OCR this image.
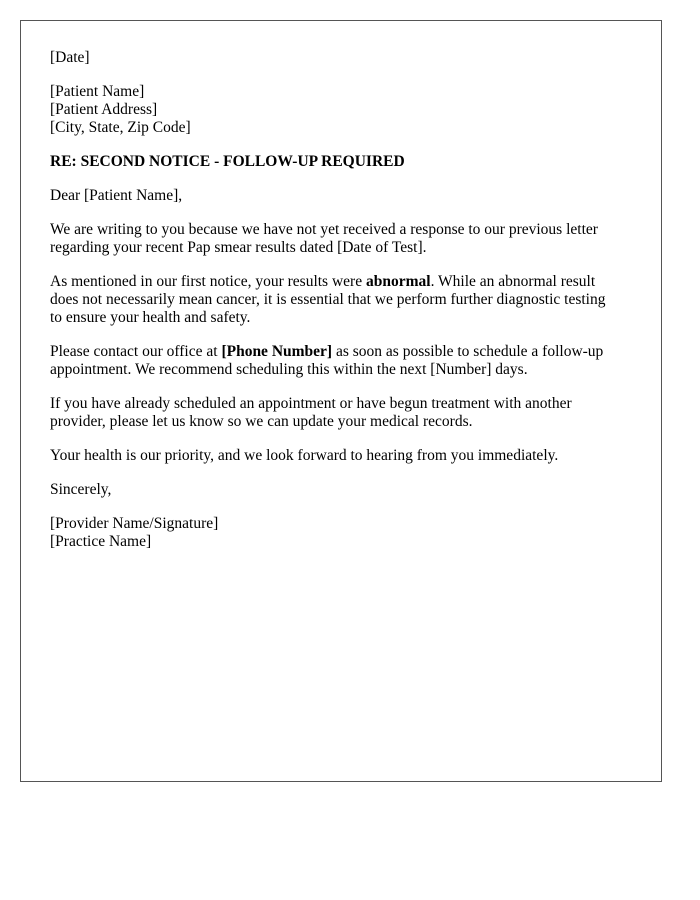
[Date]
[Patient Name]
[Patient Address]
[City, State, Zip Code]
RE: SECOND NOTICE - FOLLOW-UP REQUIRED

Dear [Patient Name],

We are writing to you because we have not yet received a response to our previous letter
regarding your recent Pap smear results dated [Date of Test].

As mentioned in our first notice, your results were abnormal. While an abnormal result
does not necessarily mean cancer, it is essential that we perform further diagnostic testing
to ensure your health and safety.

Please contact our office at [Phone Number] as soon as possible to schedule a follow-up
appointment. We recommend scheduling this within the next [Number] days.

If you have already scheduled an appointment or have begun treatment with another
provider, please let us know so we can update your medical records.

Your health is our priority, and we look forward to hearing from you immediately.

Sincerely,

[Provider Name/Signature]
[Practice Name]
